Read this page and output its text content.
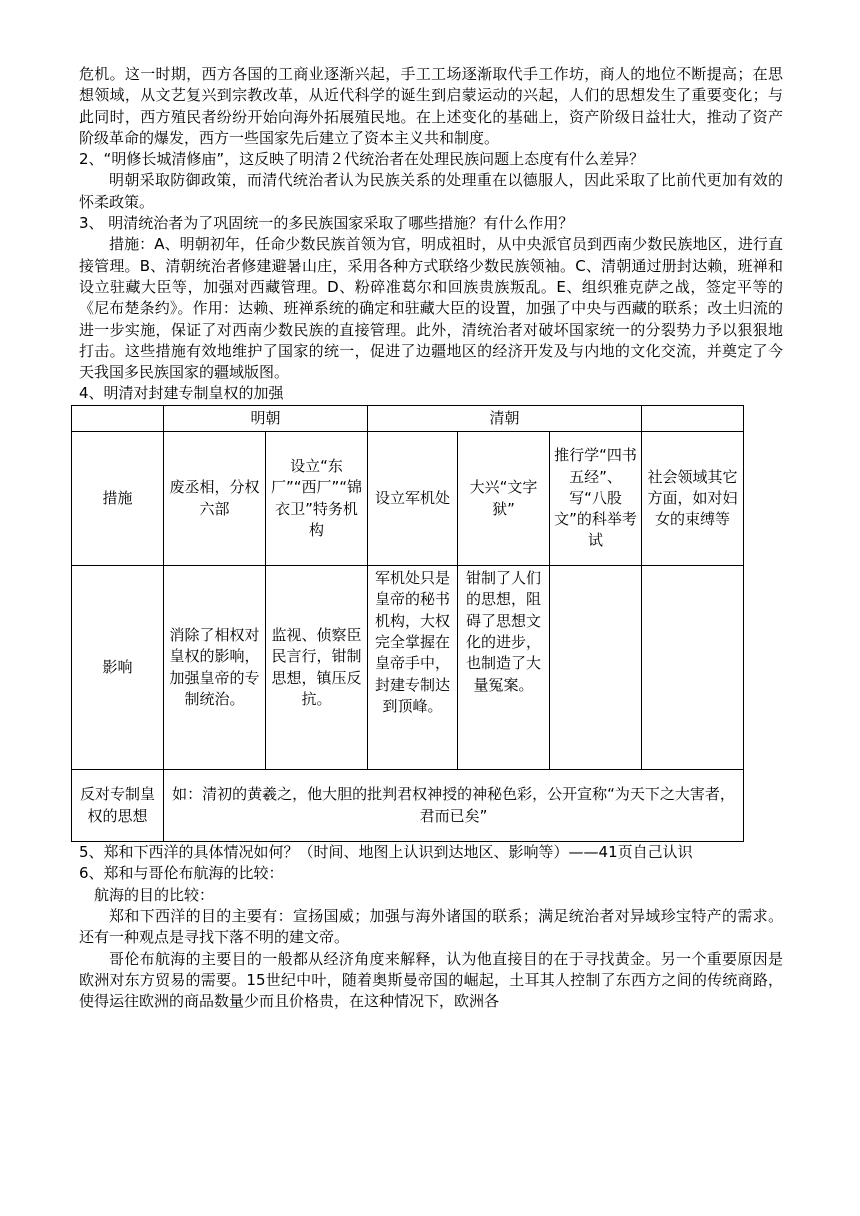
危机。这一时期，西方各国的工商业逐渐兴起，手工工场逐渐取代手工作坊，商人的地位不断提高；在思想领域，从文艺复兴到宗教改革，从近代科学的诞生到启蒙运动的兴起，人们的思想发生了重要变化；与此同时，西方殖民者纷纷开始向海外拓展殖民地。在上述变化的基础上，资产阶级日益壮大，推动了资产阶级革命的爆发，西方一些国家先后建立了资本主义共和制度。

2、“明修长城清修庙”，这反映了明清２代统治者在处理民族问题上态度有什么差异？

明朝采取防御政策，而清代统治者认为民族关系的处理重在以德服人，因此采取了比前代更加有效的怀柔政策。

3、 明清统治者为了巩固统一的多民族国家采取了哪些措施？有什么作用？

措施：A、明朝初年，任命少数民族首领为官，明成祖时，从中央派官员到西南少数民族地区，进行直接管理。B、清朝统治者修建避暑山庄，采用各种方式联络少数民族领袖。C、清朝通过册封达赖，班禅和设立驻藏大臣等，加强对西藏管理。D、粉碎准葛尔和回族贵族叛乱。E、组织雅克萨之战，签定平等的《尼布楚条约》。作用：达赖、班禅系统的确定和驻藏大臣的设置，加强了中央与西藏的联系；改土归流的进一步实施，保证了对西南少数民族的直接管理。此外，清统治者对破坏国家统一的分裂势力予以狠狠地打击。这些措施有效地维护了国家的统一，促进了边疆地区的经济开发及与内地的文化交流，并奠定了今天我国多民族国家的疆域版图。

4、明清对封建专制皇权的加强

	明朝		清朝			
措施	废丞相，分权六部	设立“东厂”“西厂”“锦衣卫”特务机构	设立军机处	大兴“文字狱”	推行学“四书五经”、写“八股文”的科举考试	社会领域其它方面，如对妇女的束缚等
影响	消除了相权对皇权的影响，加强皇帝的专制统治。	监视、侦察臣民言行，钳制思想，镇压反抗。	军机处只是皇帝的秘书机构，大权完全掌握在皇帝手中，封建专制达到顶峰。	钳制了人们的思想，阻碍了思想文化的进步，也制造了大量冤案。		
反对专制皇权的思想	如：清初的黄羲之，他大胆的批判君权神授的神秘色彩，公开宣称“为天下之大害者，君而已矣”					

5、郑和下西洋的具体情况如何？（时间、地图上认识到达地区、影响等）——41页自己认识

6、郑和与哥伦布航海的比较：

航海的目的比较：

郑和下西洋的目的主要有：宣扬国威；加强与海外诸国的联系；满足统治者对异域珍宝特产的需求。还有一种观点是寻找下落不明的建文帝。

哥伦布航海的主要目的一般都从经济角度来解释，认为他直接目的在于寻找黄金。另一个重要原因是欧洲对东方贸易的需要。15世纪中叶，随着奥斯曼帝国的崛起，土耳其人控制了东西方之间的传统商路，使得运往欧洲的商品数量少而且价格贵，在这种情况下，欧洲各
